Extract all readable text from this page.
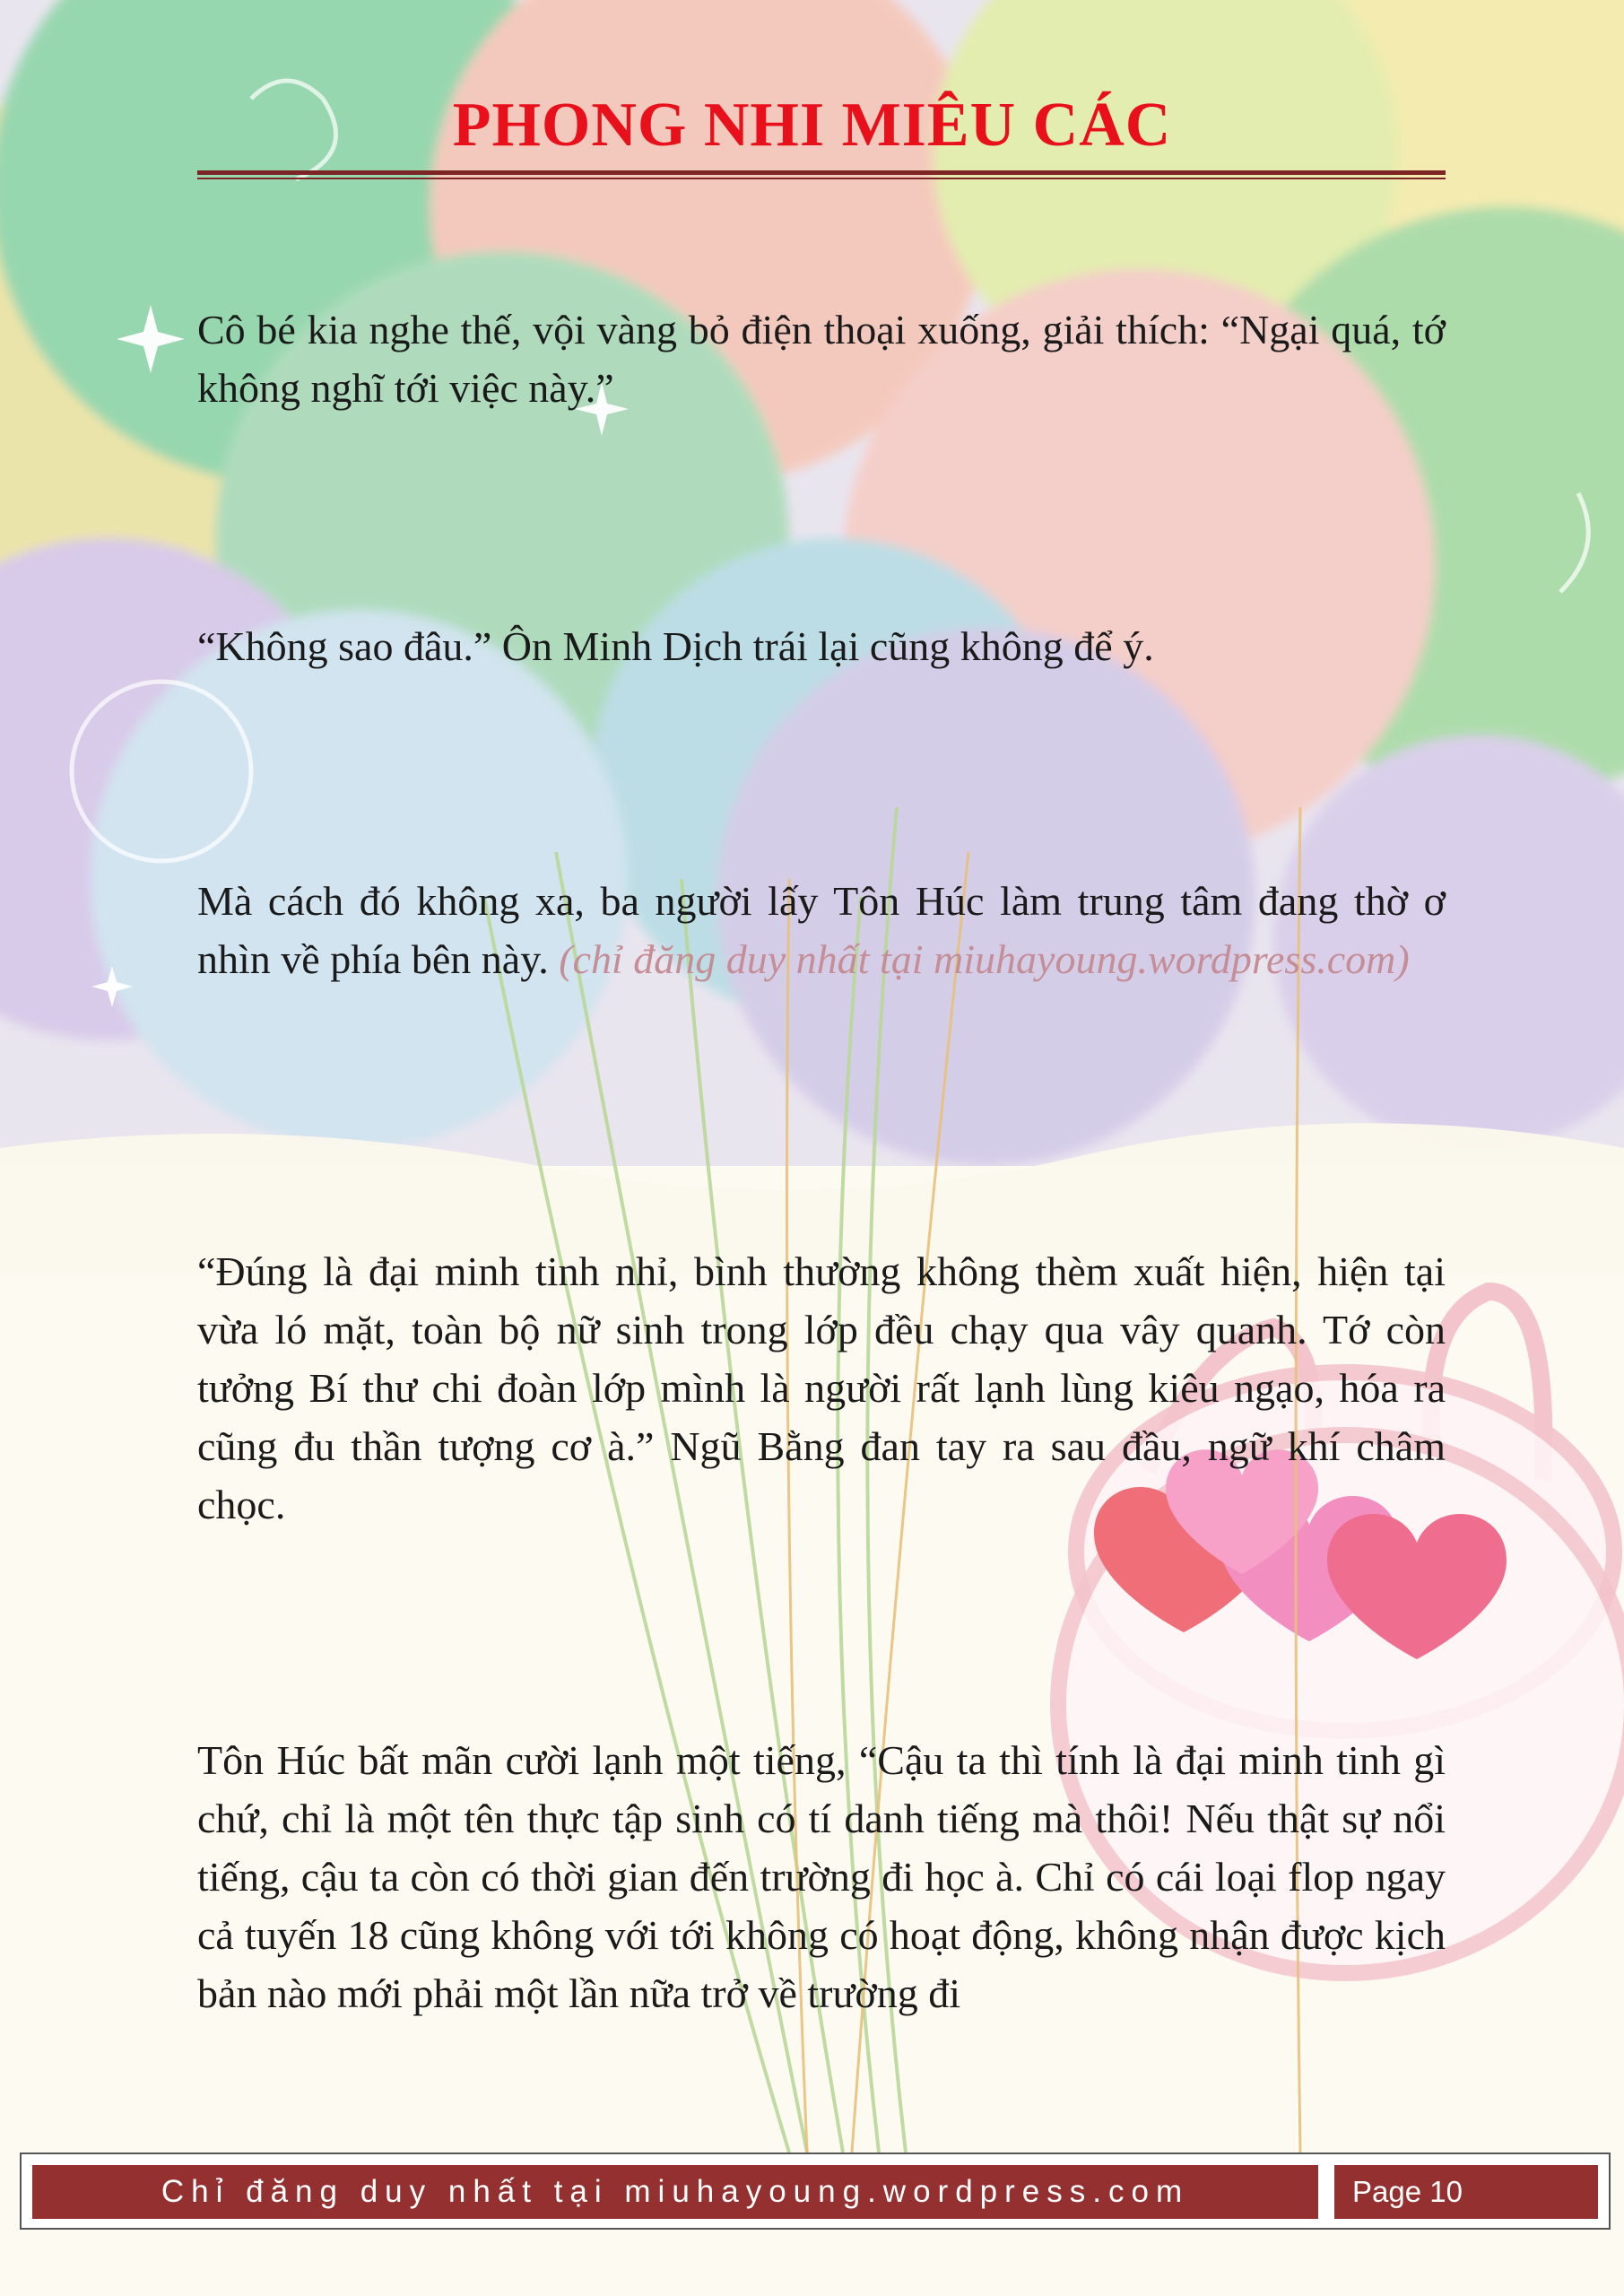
PHONG NHI MIÊU CÁC

Cô bé kia nghe thế, vội vàng bỏ điện thoại xuống, giải thích: “Ngại quá, tớ không nghĩ tới việc này.”

“Không sao đâu.” Ôn Minh Dịch trái lại cũng không để ý.

Mà cách đó không xa, ba người lấy Tôn Húc làm trung tâm đang thờ ơ nhìn về phía bên này. (chỉ đăng duy nhất tại miuhayoung.wordpress.com)

“Đúng là đại minh tinh nhỉ, bình thường không thèm xuất hiện, hiện tại vừa ló mặt, toàn bộ nữ sinh trong lớp đều chạy qua vây quanh. Tớ còn tưởng Bí thư chi đoàn lớp mình là người rất lạnh lùng kiêu ngạo, hóa ra cũng đu thần tượng cơ à.” Ngũ Bằng đan tay ra sau đầu, ngữ khí châm chọc.

Tôn Húc bất mãn cười lạnh một tiếng, “Cậu ta thì tính là đại minh tinh gì chứ, chỉ là một tên thực tập sinh có tí danh tiếng mà thôi! Nếu thật sự nổi tiếng, cậu ta còn có thời gian đến trường đi học à. Chỉ có cái loại flop ngay cả tuyến 18 cũng không với tới không có hoạt động, không nhận được kịch bản nào mới phải một lần nữa trở về trường đi

Chỉ đăng duy nhất tại miuhayoung.wordpress.com	Page 10
